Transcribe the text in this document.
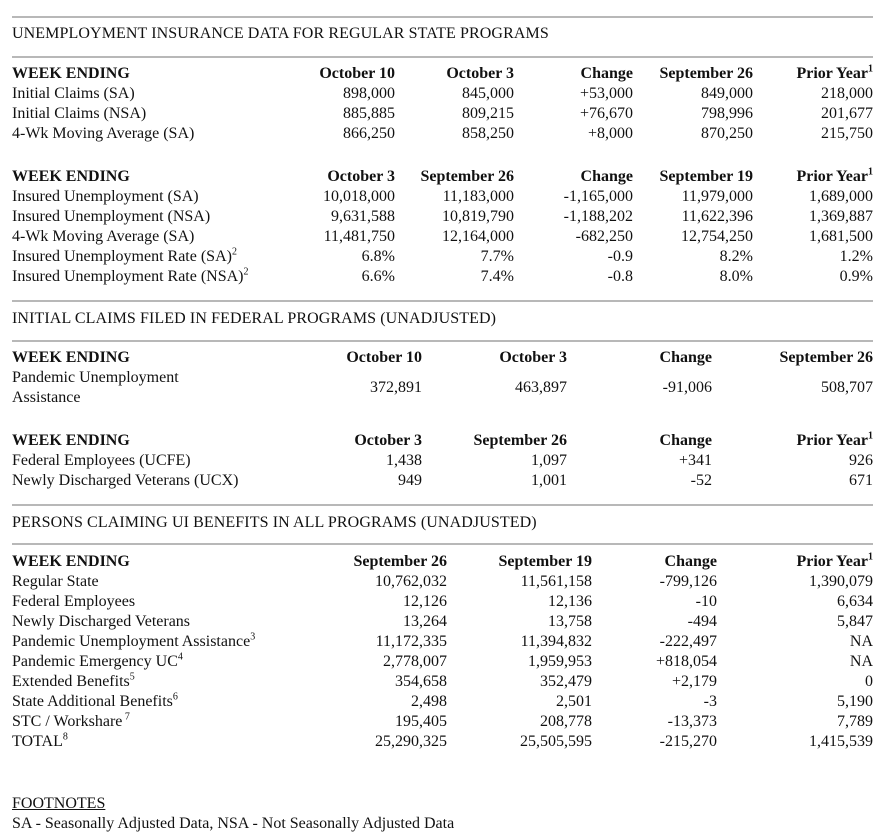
UNEMPLOYMENT INSURANCE DATA FOR REGULAR STATE PROGRAMS
WEEK ENDING	October 10	October 3	Change	September 26	Prior Year$^1$
Initial Claims (SA)	898,000	845,000	+53,000	849,000	218,000
Initial Claims (NSA)	885,885	809,215	+76,670	798,996	201,677
4-Wk Moving Average (SA)	866,250	858,250	+8,000	870,250	215,750
WEEK ENDING	October 3	September 26	Change	September 19	Prior Year$^1$
Insured Unemployment (SA)	10,018,000	11,183,000	-1,165,000	11,979,000	1,689,000
Insured Unemployment (NSA)	9,631,588	10,819,790	-1,188,202	11,622,396	1,369,887
4-Wk Moving Average (SA)	11,481,750	12,164,000	-682,250	12,754,250	1,681,500
Insured Unemployment Rate (SA)$^2$	6.8%	7.7%	-0.9	8.2%	1.2%
Insured Unemployment Rate (NSA)$^2$	6.6%	7.4%	-0.8	8.0%	0.9%
INITIAL CLAIMS FILED IN FEDERAL PROGRAMS (UNADJUSTED)
WEEK ENDING	October 10	October 3	Change	September 26

Pandemic Unemployment Assistance	372,891	463,897	-91,006	508,707
WEEK ENDING	October 3	September 26	Change	Prior Year$^1$
Federal Employees (UCFE)	1,438	1,097	+341	926
Newly Discharged Veterans (UCX)	949	1,001	-52	671
PERSONS CLAIMING UI BENEFITS IN ALL PROGRAMS (UNADJUSTED)
WEEK ENDING	September 26	September 19	Change	Prior Year$^1$
Regular State	10,762,032	11,561,158	-799,126	1,390,079
Federal Employees	12,126	12,136	-10	6,634
Newly Discharged Veterans	13,264	13,758	-494	5,847
Pandemic Unemployment Assistance$^3$	11,172,335	11,394,832	-222,497	NA
Pandemic Emergency $UC^4$	2,778,007	1,959,953	+818,054	NA
Extended Benefits$^5$	354,658	352,479	+2,179	0
State Additional Benefits$^6$	2,498	2,501	-3	5,190
STC / Workshare $^7$	195,405	208,778	-13,373	7,789
TOTAL$^8$	25,290,325	25,505,595	-215,270	1,415,539
FOOTNOTES
SA - Seasonally Adjusted Data, NSA - Not Seasonally Adjusted Data
